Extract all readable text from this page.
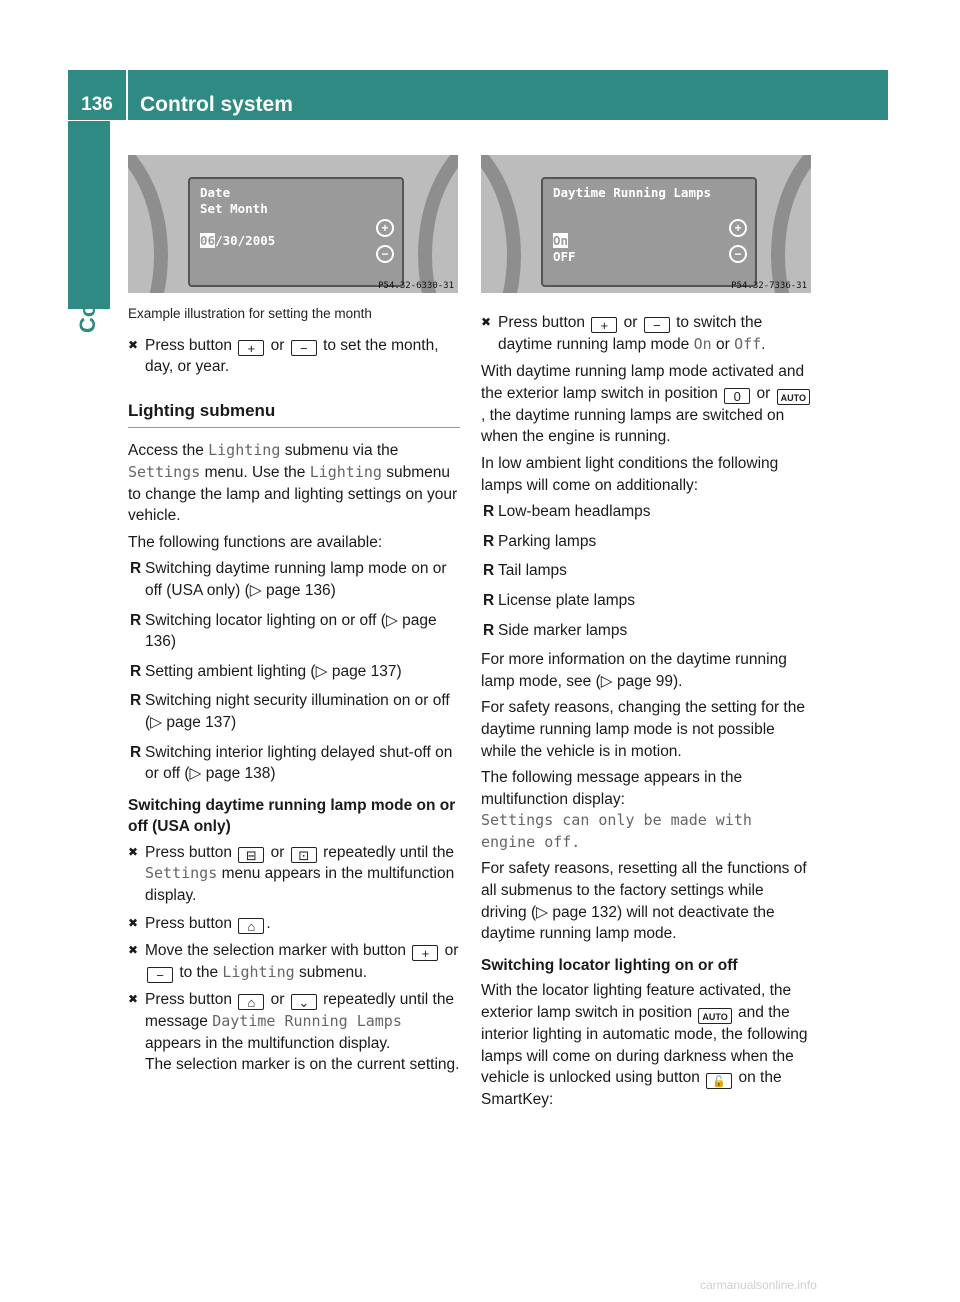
136	Control system
Controls in detail	Date
Set Month
06/30/2005
+
−
P54.32-6330-31
Daytime Running Lamps
On
OFF
+
−
P54.32-7336-31

Example illustration for setting the month

✖ Press button + or − to set the month, day, or year.
Lighting submenu

Access the Lighting submenu via the Settings menu. Use the Lighting submenu to change the lamp and lighting settings on your vehicle.

The following functions are available:

R Switching daytime running lamp mode on or off (USA only) (▷ page 136)
R Switching locator lighting on or off (▷ page 136)
R Setting ambient lighting (▷ page 137)
R Switching night security illumination on or off (▷ page 137)
R Switching interior lighting delayed shut-off on or off (▷ page 138)
Switching daytime running lamp mode on or off (USA only)
✖ Press button ⊟ or ⊡ repeatedly until the Settings menu appears in the multifunction display.
✖ Press button ⌂ .
✖ Move the selection marker with button + or − to the Lighting submenu.
✖ Press button ⌂ or ⌄ repeatedly until the message Daytime Running Lamps appears in the multifunction display.
The selection marker is on the current setting.
✖ Press button + or − to switch the daytime running lamp mode On or Off.

With daytime running lamp mode activated and the exterior lamp switch in position 0 or AUTO, the daytime running lamps are switched on when the engine is running.

In low ambient light conditions the following lamps will come on additionally:

R Low-beam headlamps
R Parking lamps
R Tail lamps
R License plate lamps
R Side marker lamps

For more information on the daytime running lamp mode, see (▷ page 99).

For safety reasons, changing the setting for the daytime running lamp mode is not possible while the vehicle is in motion.

The following message appears in the multifunction display:

Settings can only be made with engine off.

For safety reasons, resetting all the functions of all submenus to the factory settings while driving (▷ page 132) will not deactivate the daytime running lamp mode.

Switching locator lighting on or off

With the locator lighting feature activated, the exterior lamp switch in position AUTO and the interior lighting in automatic mode, the following lamps will come on during darkness when the vehicle is unlocked using button 🔓 on the SmartKey:

carmanualsonline.info
